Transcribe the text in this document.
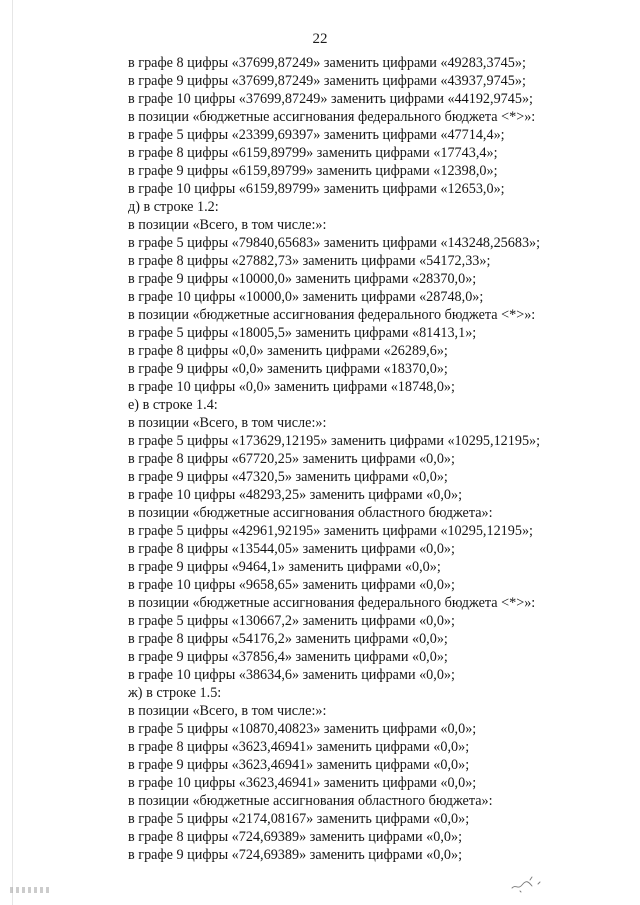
22
в графе 8 цифры «37699,87249» заменить цифрами «49283,3745»;
в графе 9 цифры «37699,87249» заменить цифрами «43937,9745»;
в графе 10 цифры «37699,87249» заменить цифрами «44192,9745»;
в позиции «бюджетные ассигнования федерального бюджета <*>»:
в графе 5 цифры «23399,69397» заменить цифрами «47714,4»;
в графе 8 цифры «6159,89799» заменить цифрами «17743,4»;
в графе 9 цифры «6159,89799» заменить цифрами «12398,0»;
в графе 10 цифры «6159,89799» заменить цифрами «12653,0»;
д) в строке 1.2:
в позиции «Всего, в том числе:»:
в графе 5 цифры «79840,65683» заменить цифрами «143248,25683»;
в графе 8 цифры «27882,73» заменить цифрами «54172,33»;
в графе 9 цифры «10000,0» заменить цифрами «28370,0»;
в графе 10 цифры «10000,0» заменить цифрами «28748,0»;
в позиции «бюджетные ассигнования федерального бюджета <*>»:
в графе 5 цифры «18005,5» заменить цифрами «81413,1»;
в графе 8 цифры «0,0» заменить цифрами «26289,6»;
в графе 9 цифры «0,0» заменить цифрами «18370,0»;
в графе 10 цифры «0,0» заменить цифрами «18748,0»;
е) в строке 1.4:
в позиции «Всего, в том числе:»:
в графе 5 цифры «173629,12195» заменить цифрами «10295,12195»;
в графе 8 цифры «67720,25» заменить цифрами «0,0»;
в графе 9 цифры «47320,5» заменить цифрами «0,0»;
в графе 10 цифры «48293,25» заменить цифрами «0,0»;
в позиции «бюджетные ассигнования областного бюджета»:
в графе 5 цифры «42961,92195» заменить цифрами «10295,12195»;
в графе 8 цифры «13544,05» заменить цифрами «0,0»;
в графе 9 цифры «9464,1» заменить цифрами «0,0»;
в графе 10 цифры «9658,65» заменить цифрами «0,0»;
в позиции «бюджетные ассигнования федерального бюджета <*>»:
в графе 5 цифры «130667,2» заменить цифрами «0,0»;
в графе 8 цифры «54176,2» заменить цифрами «0,0»;
в графе 9 цифры «37856,4» заменить цифрами «0,0»;
в графе 10 цифры «38634,6» заменить цифрами «0,0»;
ж) в строке 1.5:
в позиции «Всего, в том числе:»:
в графе 5 цифры «10870,40823» заменить цифрами «0,0»;
в графе 8 цифры «3623,46941» заменить цифрами «0,0»;
в графе 9 цифры «3623,46941» заменить цифрами «0,0»;
в графе 10 цифры «3623,46941» заменить цифрами «0,0»;
в позиции «бюджетные ассигнования областного бюджета»:
в графе 5 цифры «2174,08167» заменить цифрами «0,0»;
в графе 8 цифры «724,69389» заменить цифрами «0,0»;
в графе 9 цифры «724,69389» заменить цифрами «0,0»;
